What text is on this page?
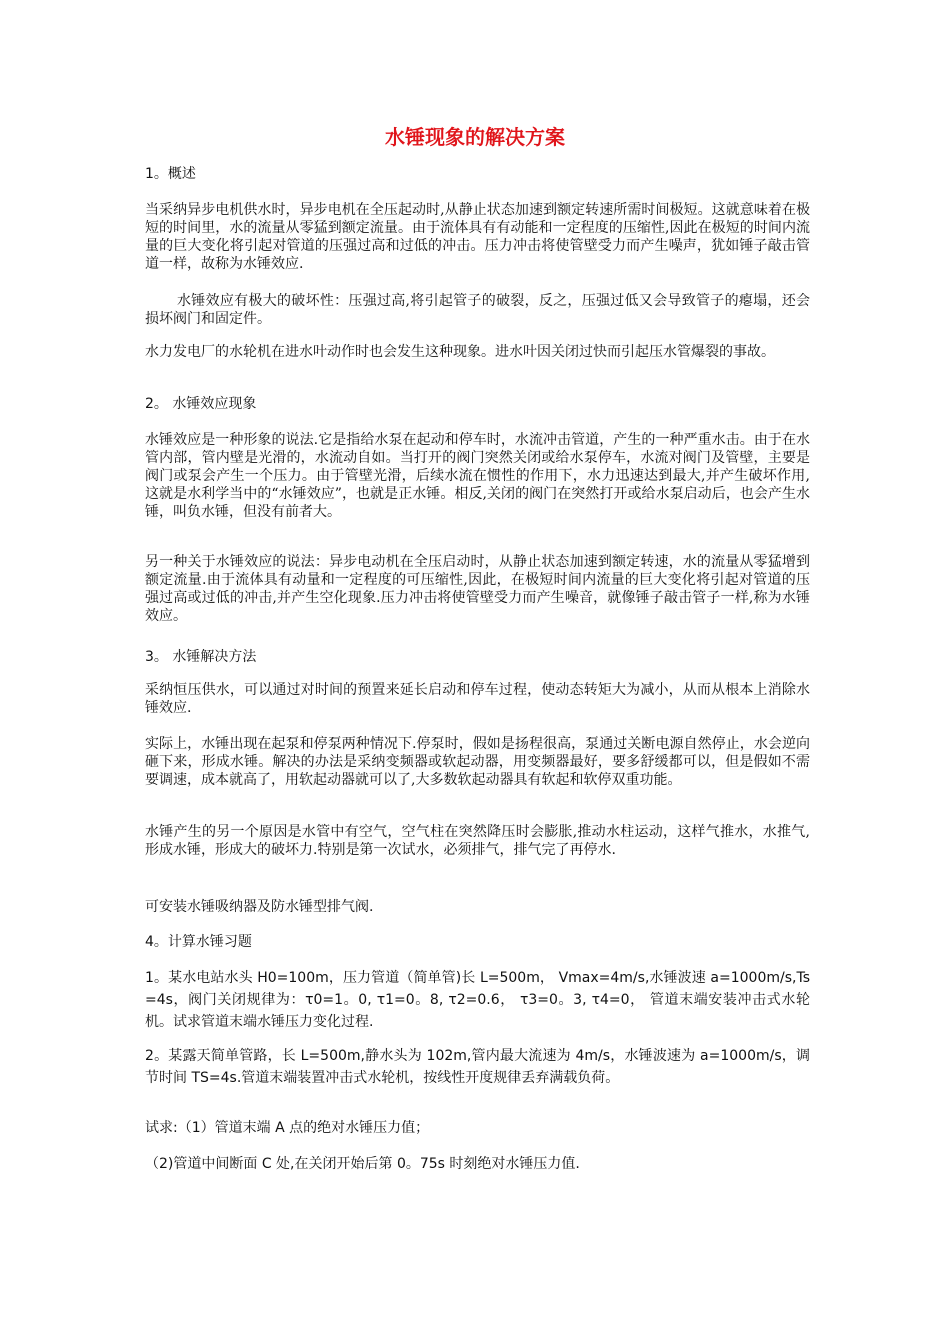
水锤现象的解决方案

1。概述

当采纳异步电机供水时，异步电机在全压起动时,从静止状态加速到额定转速所需时间极短。这就意味着在极短的时间里，水的流量从零猛到额定流量。由于流体具有有动能和一定程度的压缩性,因此在极短的时间内流量的巨大变化将引起对管道的压强过高和过低的冲击。压力冲击将使管壁受力而产生噪声，犹如锤子敲击管道一样，故称为水锤效应.

水锤效应有极大的破坏性：压强过高,将引起管子的破裂，反之，压强过低又会导致管子的瘪塌，还会损坏阀门和固定件。

水力发电厂的水轮机在进水叶动作时也会发生这种现象。进水叶因关闭过快而引起压水管爆裂的事故。

2。 水锤效应现象

水锤效应是一种形象的说法.它是指给水泵在起动和停车时，水流冲击管道，产生的一种严重水击。由于在水管内部，管内壁是光滑的，水流动自如。当打开的阀门突然关闭或给水泵停车，水流对阀门及管壁，主要是阀门或泵会产生一个压力。由于管壁光滑，后续水流在惯性的作用下，水力迅速达到最大,并产生破坏作用,这就是水利学当中的“水锤效应”，也就是正水锤。相反,关闭的阀门在突然打开或给水泵启动后，也会产生水锤，叫负水锤，但没有前者大。

另一种关于水锤效应的说法：异步电动机在全压启动时，从静止状态加速到额定转速，水的流量从零猛增到额定流量.由于流体具有动量和一定程度的可压缩性,因此，在极短时间内流量的巨大变化将引起对管道的压强过高或过低的冲击,并产生空化现象.压力冲击将使管壁受力而产生噪音，就像锤子敲击管子一样,称为水锤效应。

3。 水锤解决方法

采纳恒压供水，可以通过对时间的预置来延长启动和停车过程，使动态转矩大为减小，从而从根本上消除水锤效应.

实际上，水锤出现在起泵和停泵两种情况下.停泵时，假如是扬程很高，泵通过关断电源自然停止，水会逆向砸下来，形成水锤。解决的办法是采纳变频器或软起动器，用变频器最好，要多舒缓都可以，但是假如不需要调速，成本就高了，用软起动器就可以了,大多数软起动器具有软起和软停双重功能。

水锤产生的另一个原因是水管中有空气，空气柱在突然降压时会膨胀,推动水柱运动，这样气推水，水推气,形成水锤，形成大的破坏力.特别是第一次试水，必须排气，排气完了再停水.

可安装水锤吸纳器及防水锤型排气阀.

4。计算水锤习题

1。某水电站水头 H0=100m，压力管道（简单管)长 L=500m， Vmax=4m/s,水锤波速 a=1000m/s,Ts=4s，阀门关闭规律为：τ0=1。0, τ1=0。8, τ2=0.6， τ3=0。3, τ4=0， 管道末端安装冲击式水轮机。试求管道末端水锤压力变化过程.

2。某露天简单管路，长 L=500m,静水头为 102m,管内最大流速为 4m/s，水锤波速为 a=1000m/s，调节时间 TS=4s.管道末端装置冲击式水轮机，按线性开度规律丢弃满载负荷。

试求:（1）管道末端 A 点的绝对水锤压力值；

（2)管道中间断面 C 处,在关闭开始后第 0。75s 时刻绝对水锤压力值.
